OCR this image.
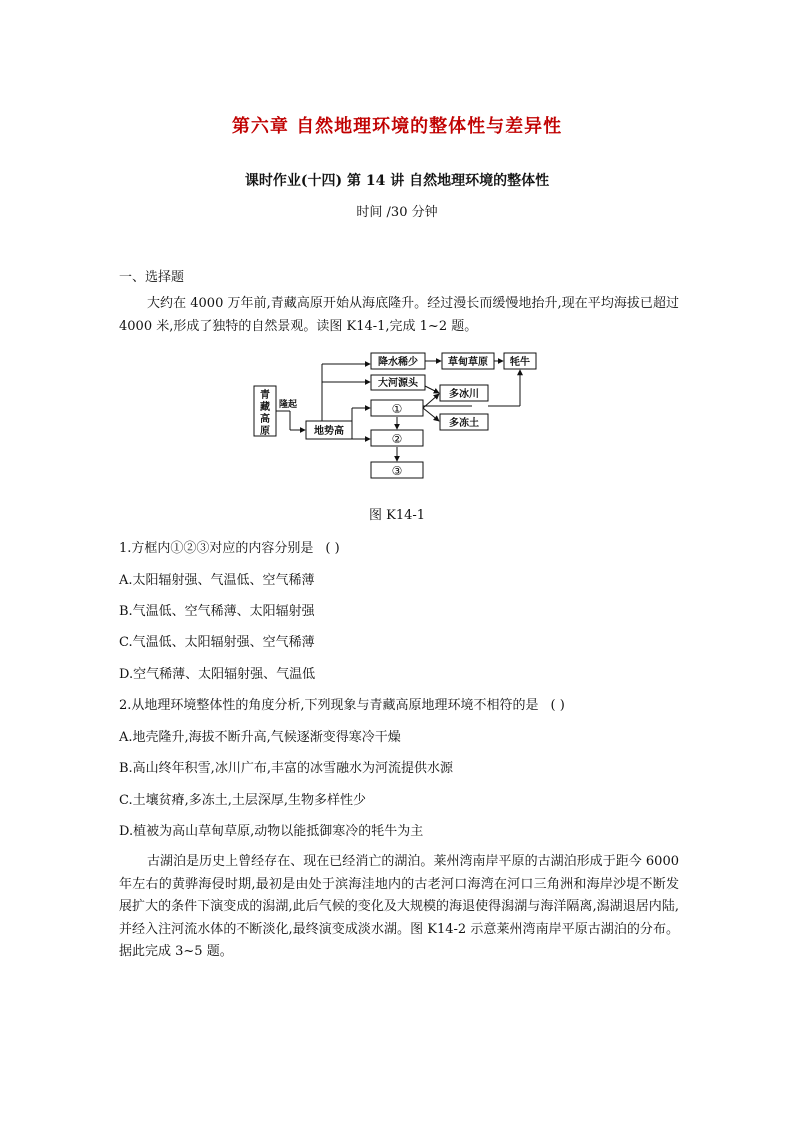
第六章 自然地理环境的整体性与差异性
课时作业(十四) 第 14 讲 自然地理环境的整体性
时间 /30 分钟
一、选择题
大约在 4000 万年前,青藏高原开始从海底隆升。经过漫长而缓慢地抬升,现在平均海拔已超过 4000 米,形成了独特的自然景观。读图 K14-1,完成 1~2 题。
青
藏
高
原
隆起
地势高
降水稀少
大河源头
①
②
③
草甸草原 牦牛
多冰川
多冻土
图 K14-1
1.方框内①②③对应的内容分别是 ( )
A.太阳辐射强、气温低、空气稀薄
B.气温低、空气稀薄、太阳辐射强
C.气温低、太阳辐射强、空气稀薄
D.空气稀薄、太阳辐射强、气温低
2.从地理环境整体性的角度分析,下列现象与青藏高原地理环境不相符的是 ( )
A.地壳隆升,海拔不断升高,气候逐渐变得寒冷干燥
B.高山终年积雪,冰川广布,丰富的冰雪融水为河流提供水源
C.土壤贫瘠,多冻土,土层深厚,生物多样性少
D.植被为高山草甸草原,动物以能抵御寒冷的牦牛为主
古湖泊是历史上曾经存在、现在已经消亡的湖泊。莱州湾南岸平原的古湖泊形成于距今 6000 年左右的黄骅海侵时期,最初是由处于滨海洼地内的古老河口海湾在河口三角洲和海岸沙堤不断发展扩大的条件下演变成的潟湖,此后气候的变化及大规模的海退使得潟湖与海洋隔离,潟湖退居内陆,并经入注河流水体的不断淡化,最终演变成淡水湖。图 K14-2 示意莱州湾南岸平原古湖泊的分布。据此完成 3~5 题。
